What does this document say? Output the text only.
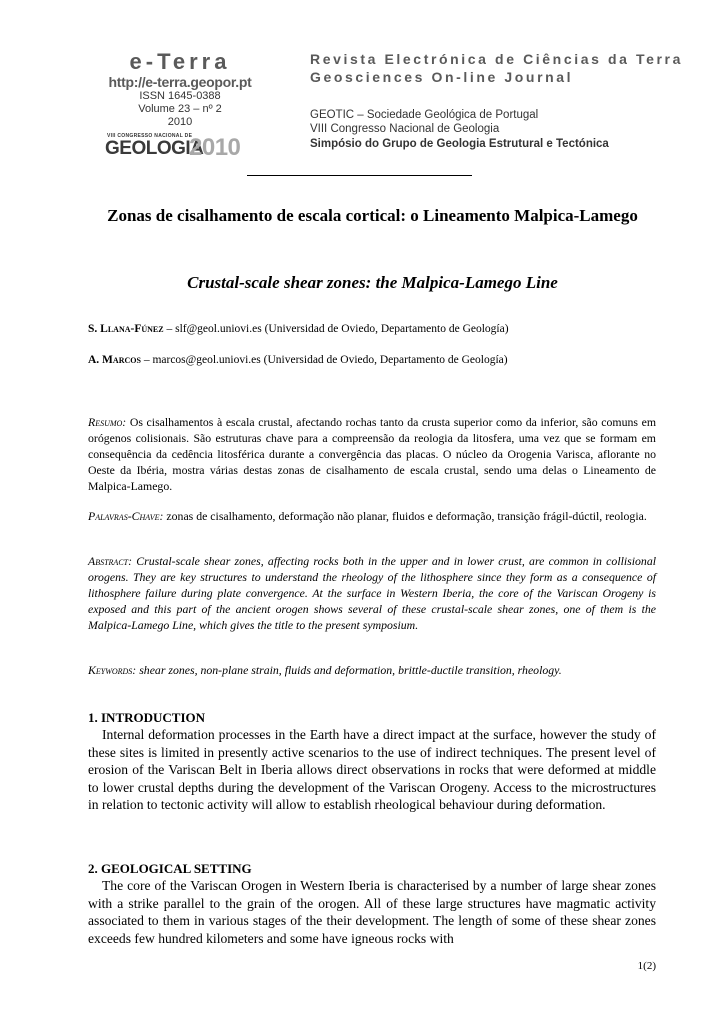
e-Terra
http://e-terra.geopor.pt
ISSN 1645-0388
Volume 23 – nº 2
2010
VIII CONGRESSO NACIONAL DE
GEOLOGIA
2010
Revista Electrónica de Ciências da Terra
Geosciences On-line Journal
GEOTIC – Sociedade Geológica de Portugal
VIII Congresso Nacional de Geologia
Simpósio do Grupo de Geologia Estrutural e Tectónica
Zonas de cisalhamento de escala cortical: o Lineamento Malpica-Lamego
Crustal-scale shear zones: the Malpica-Lamego Line
S. Llana-Fúnez – slf@geol.uniovi.es (Universidad de Oviedo, Departamento de Geología)
A. Marcos – marcos@geol.uniovi.es (Universidad de Oviedo, Departamento de Geología)
Resumo: Os cisalhamentos à escala crustal, afectando rochas tanto da crusta superior como da inferior, são comuns em orógenos colisionais. São estruturas chave para a compreensão da reologia da litosfera, uma vez que se formam em consequência da cedência litosférica durante a convergência das placas. O núcleo da Orogenia Varisca, aflorante no Oeste da Ibéria, mostra várias destas zonas de cisalhamento de escala crustal, sendo uma delas o Lineamento de Malpica-Lamego.
Palavras-Chave: zonas de cisalhamento, deformação não planar, fluidos e deformação, transição frágil-dúctil, reologia.
Abstract: Crustal-scale shear zones, affecting rocks both in the upper and in lower crust, are common in collisional orogens. They are key structures to understand the rheology of the lithosphere since they form as a consequence of lithosphere failure during plate convergence. At the surface in Western Iberia, the core of the Variscan Orogeny is exposed and this part of the ancient orogen shows several of these crustal-scale shear zones, one of them is the Malpica-Lamego Line, which gives the title to the present symposium.
Keywords: shear zones, non-plane strain, fluids and deformation, brittle-ductile transition, rheology.
1. INTRODUCTION
Internal deformation processes in the Earth have a direct impact at the surface, however the study of these sites is limited in presently active scenarios to the use of indirect techniques. The present level of erosion of the Variscan Belt in Iberia allows direct observations in rocks that were deformed at middle to lower crustal depths during the development of the Variscan Orogeny. Access to the microstructures in relation to tectonic activity will allow to establish rheological behaviour during deformation.
2. GEOLOGICAL SETTING
The core of the Variscan Orogen in Western Iberia is characterised by a number of large shear zones with a strike parallel to the grain of the orogen. All of these large structures have magmatic activity associated to them in various stages of the their development. The length of some of these shear zones exceeds few hundred kilometers and some have igneous rocks with
1(2)
